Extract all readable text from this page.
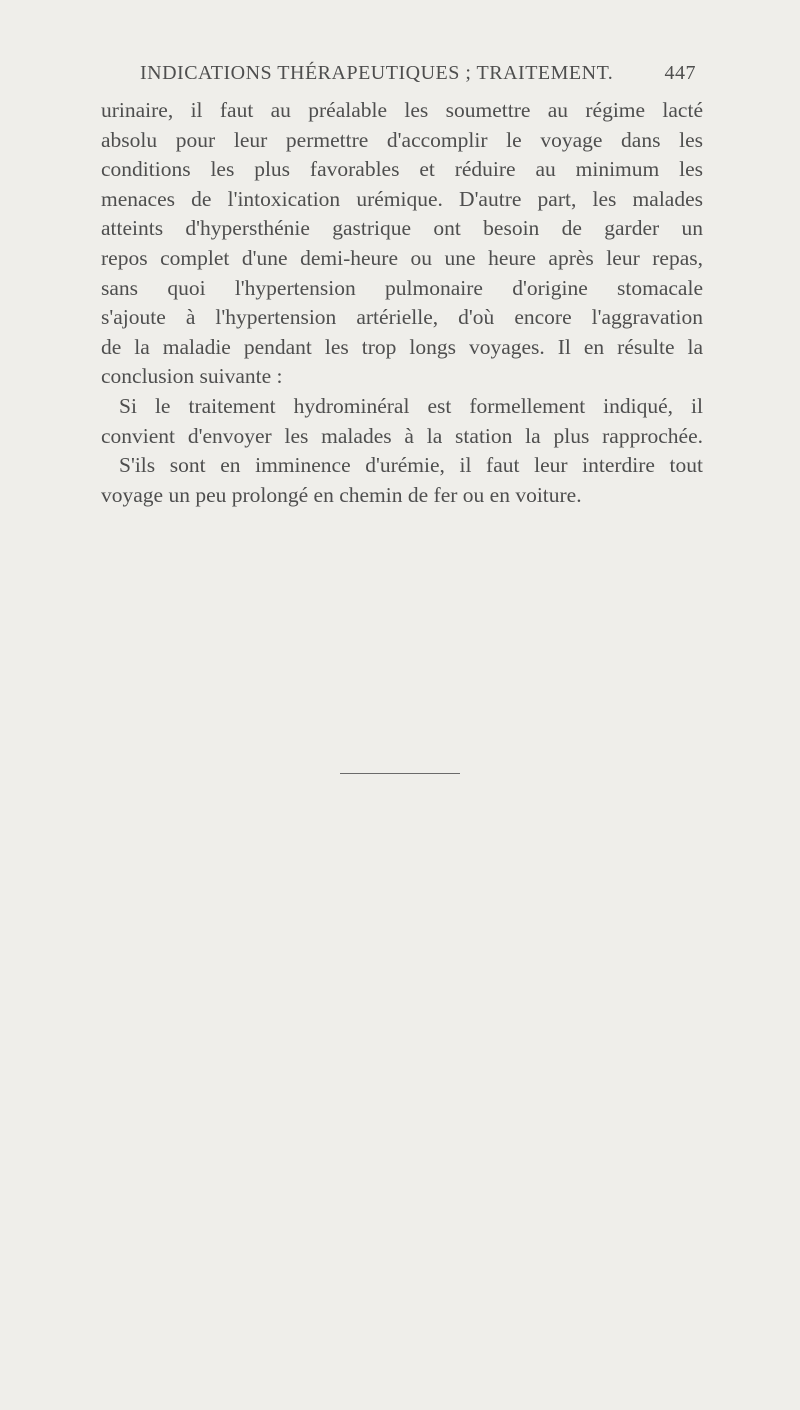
INDICATIONS THÉRAPEUTIQUES ; TRAITEMENT.	447
urinaire, il faut au préalable les soumettre au régime lacté
absolu pour leur permettre d'accomplir le voyage dans les
conditions les plus favorables et réduire au minimum les
menaces de l'intoxication urémique. D'autre part, les malades
atteints d'hypersthénie gastrique ont besoin de garder un
repos complet d'une demi-heure ou une heure après leur repas,
sans quoi l'hypertension pulmonaire d'origine stomacale
s'ajoute à l'hypertension artérielle, d'où encore l'aggravation
de la maladie pendant les trop longs voyages. Il en résulte la
conclusion suivante :
Si le traitement hydrominéral est formellement indiqué, il
convient d'envoyer les malades à la station la plus rapprochée.
S'ils sont en imminence d'urémie, il faut leur interdire tout
voyage un peu prolongé en chemin de fer ou en voiture.
